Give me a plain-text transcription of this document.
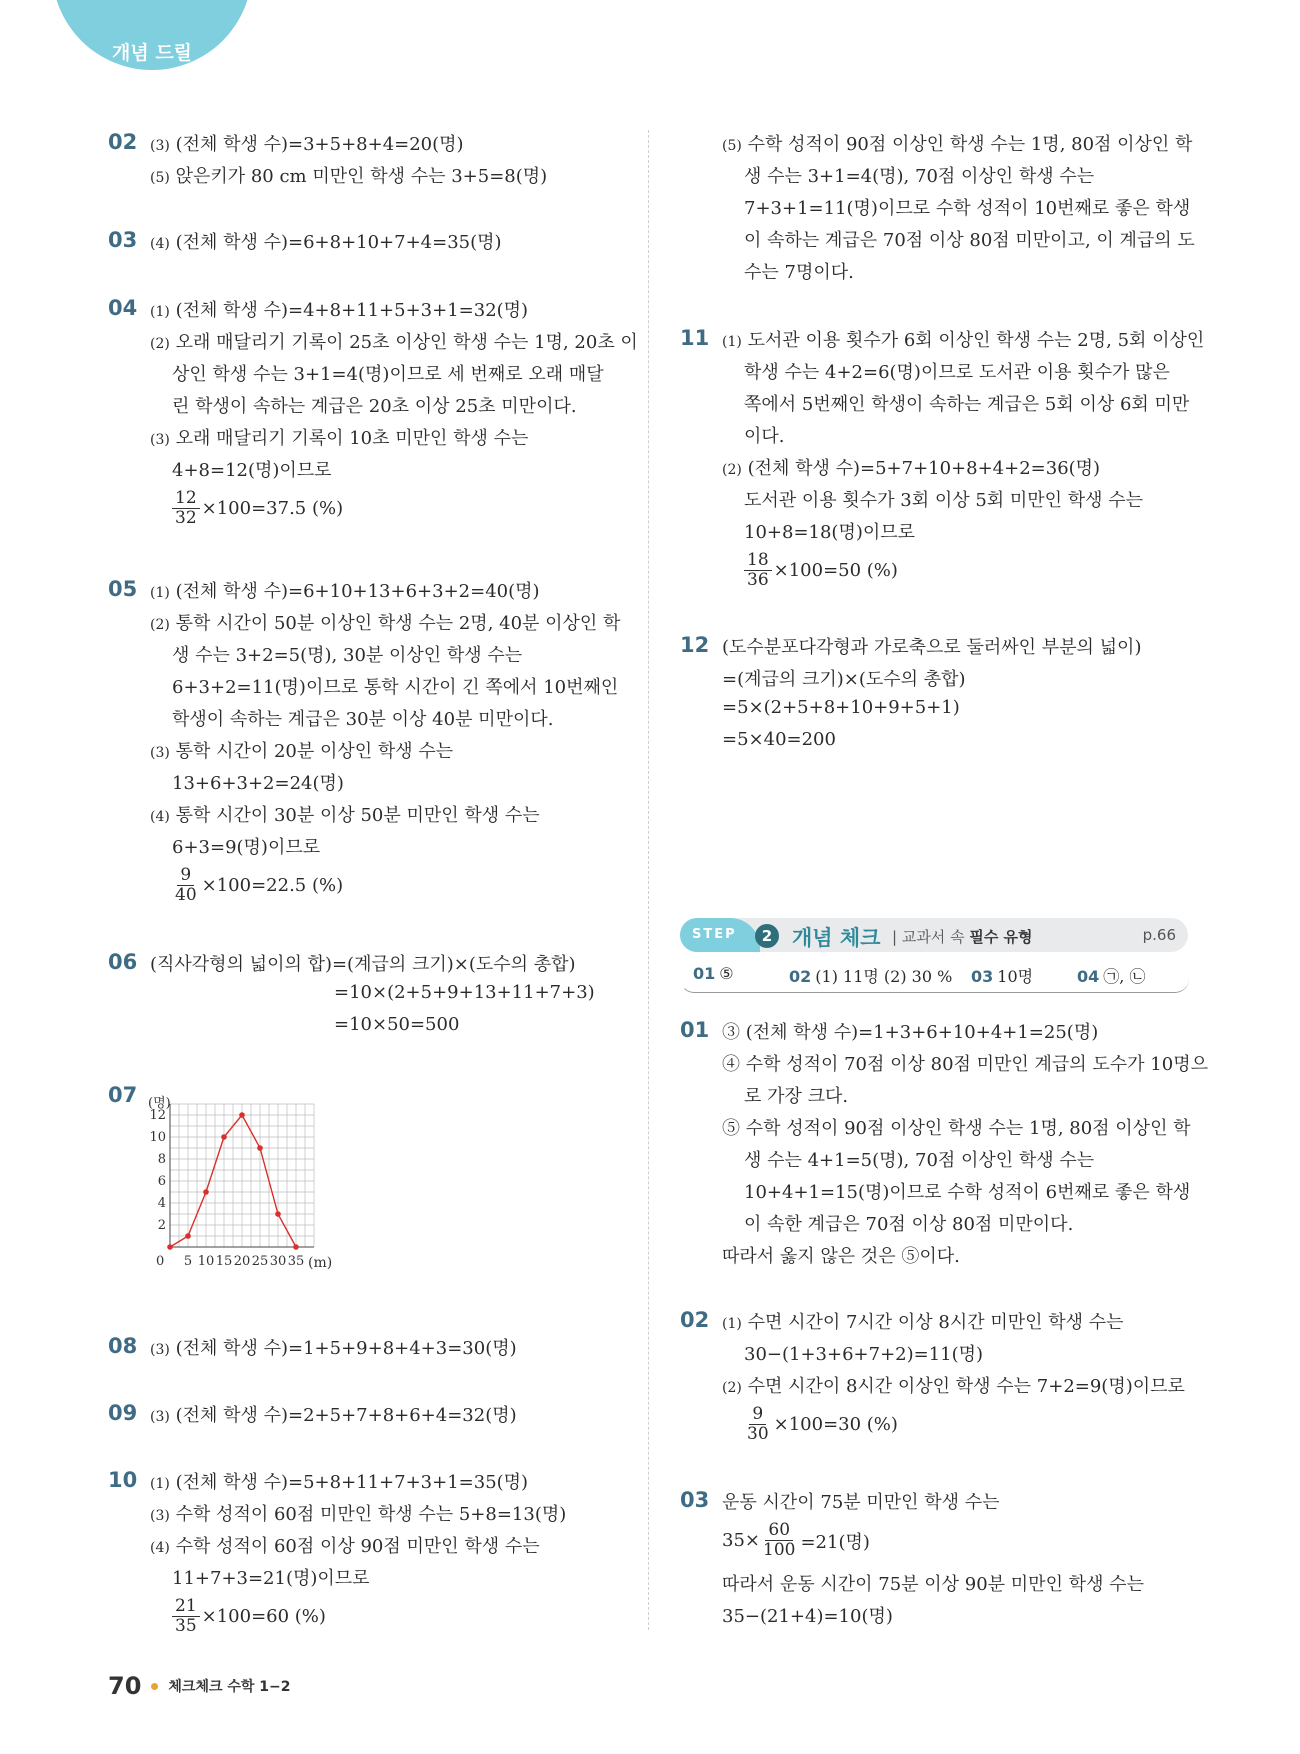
개념 드릴
02 (3) (전체 학생 수)=3+5+8+4=20(명)
(5) 앉은키가 80 cm 미만인 학생 수는 3+5=8(명)
03 (4) (전체 학생 수)=6+8+10+7+4=35(명)
04 (1) (전체 학생 수)=4+8+11+5+3+1=32(명)
(2) 오래 매달리기 기록이 25초 이상인 학생 수는 1명, 20초 이
상인 학생 수는 3+1=4(명)이므로 세 번째로 오래 매달
린 학생이 속하는 계급은 20초 이상 25초 미만이다.
(3) 오래 매달리기 기록이 10초 미만인 학생 수는
4+8=12(명)이므로
$\frac{12}{32} \times 100=37.5$ (%)
05 (1) (전체 학생 수)=6+10+13+6+3+2=40(명)
(2) 통학 시간이 50분 이상인 학생 수는 2명, 40분 이상인 학
생 수는 3+2=5(명), 30분 이상인 학생 수는
6+3+2=11(명)이므로 통학 시간이 긴 쪽에서 10번째인
학생이 속하는 계급은 30분 이상 40분 미만이다.
(3) 통학 시간이 20분 이상인 학생 수는
13+6+3+2=24(명)
(4) 통학 시간이 30분 이상 50분 미만인 학생 수는
6+3=9(명)이므로
$\frac{9}{40} \times 100=22.5$ (%)
06 (직사각형의 넓이의 합)=(계급의 크기)×(도수의 총합)
=10×(2+5+9+13+11+7+3)
=10×50=500
07
0 5 10 15 20 25 30 35
2
4
6
8
10
12
(명)
(m)
08 (3) (전체 학생 수)=1+5+9+8+4+3=30(명)
09 (3) (전체 학생 수)=2+5+7+8+6+4=32(명)
10 (1) (전체 학생 수)=5+8+11+7+3+1=35(명)
(3) 수학 성적이 60점 미만인 학생 수는 5+8=13(명)
(4) 수학 성적이 60점 이상 90점 미만인 학생 수는
11+7+3=21(명)이므로
$\frac{21}{35} \times 100=60$ (%)
(5) 수학 성적이 90점 이상인 학생 수는 1명, 80점 이상인 학
생 수는 3+1=4(명), 70점 이상인 학생 수는
7+3+1=11(명)이므로 수학 성적이 10번째로 좋은 학생
이 속하는 계급은 70점 이상 80점 미만이고, 이 계급의 도
수는 7명이다.
11 (1) 도서관 이용 횟수가 6회 이상인 학생 수는 2명, 5회 이상인
학생 수는 4+2=6(명)이므로 도서관 이용 횟수가 많은
쪽에서 5번째인 학생이 속하는 계급은 5회 이상 6회 미만
이다.
(2) (전체 학생 수)=5+7+10+8+4+2=36(명)
도서관 이용 횟수가 3회 이상 5회 미만인 학생 수는
10+8=18(명)이므로
$\frac{18}{36} \times 100=50$ (%)
12 (도수분포다각형과 가로축으로 둘러싸인 부분의 넓이)
=(계급의 크기)×(도수의 총합)
=5×(2+5+8+10+9+5+1)
=5×40=200
STEP	2 개념 체크 | 교과서 속 필수 유형	p.66
01 ⑤	02 (1) 11명 (2) 30 % 03 10명	04 ㉠, ㉡
01 ③ (전체 학생 수)=1+3+6+10+4+1=25(명)
④ 수학 성적이 70점 이상 80점 미만인 계급의 도수가 10명으
로 가장 크다.
⑤ 수학 성적이 90점 이상인 학생 수는 1명, 80점 이상인 학
생 수는 4+1=5(명), 70점 이상인 학생 수는
10+4+1=15(명)이므로 수학 성적이 6번째로 좋은 학생
이 속한 계급은 70점 이상 80점 미만이다.
따라서 옳지 않은 것은 ⑤이다.
02 (1) 수면 시간이 7시간 이상 8시간 미만인 학생 수는
30−(1+3+6+7+2)=11(명)
(2) 수면 시간이 8시간 이상인 학생 수는 7+2=9(명)이므로
$\frac{9}{30} \times 100=30$ (%)
03 운동 시간이 75분 미만인 학생 수는
$35\times \frac{60}{100} =21$(명)
따라서 운동 시간이 75분 이상 90분 미만인 학생 수는
35−(21+4)=10(명)
70 체크체크 수학 1−2
